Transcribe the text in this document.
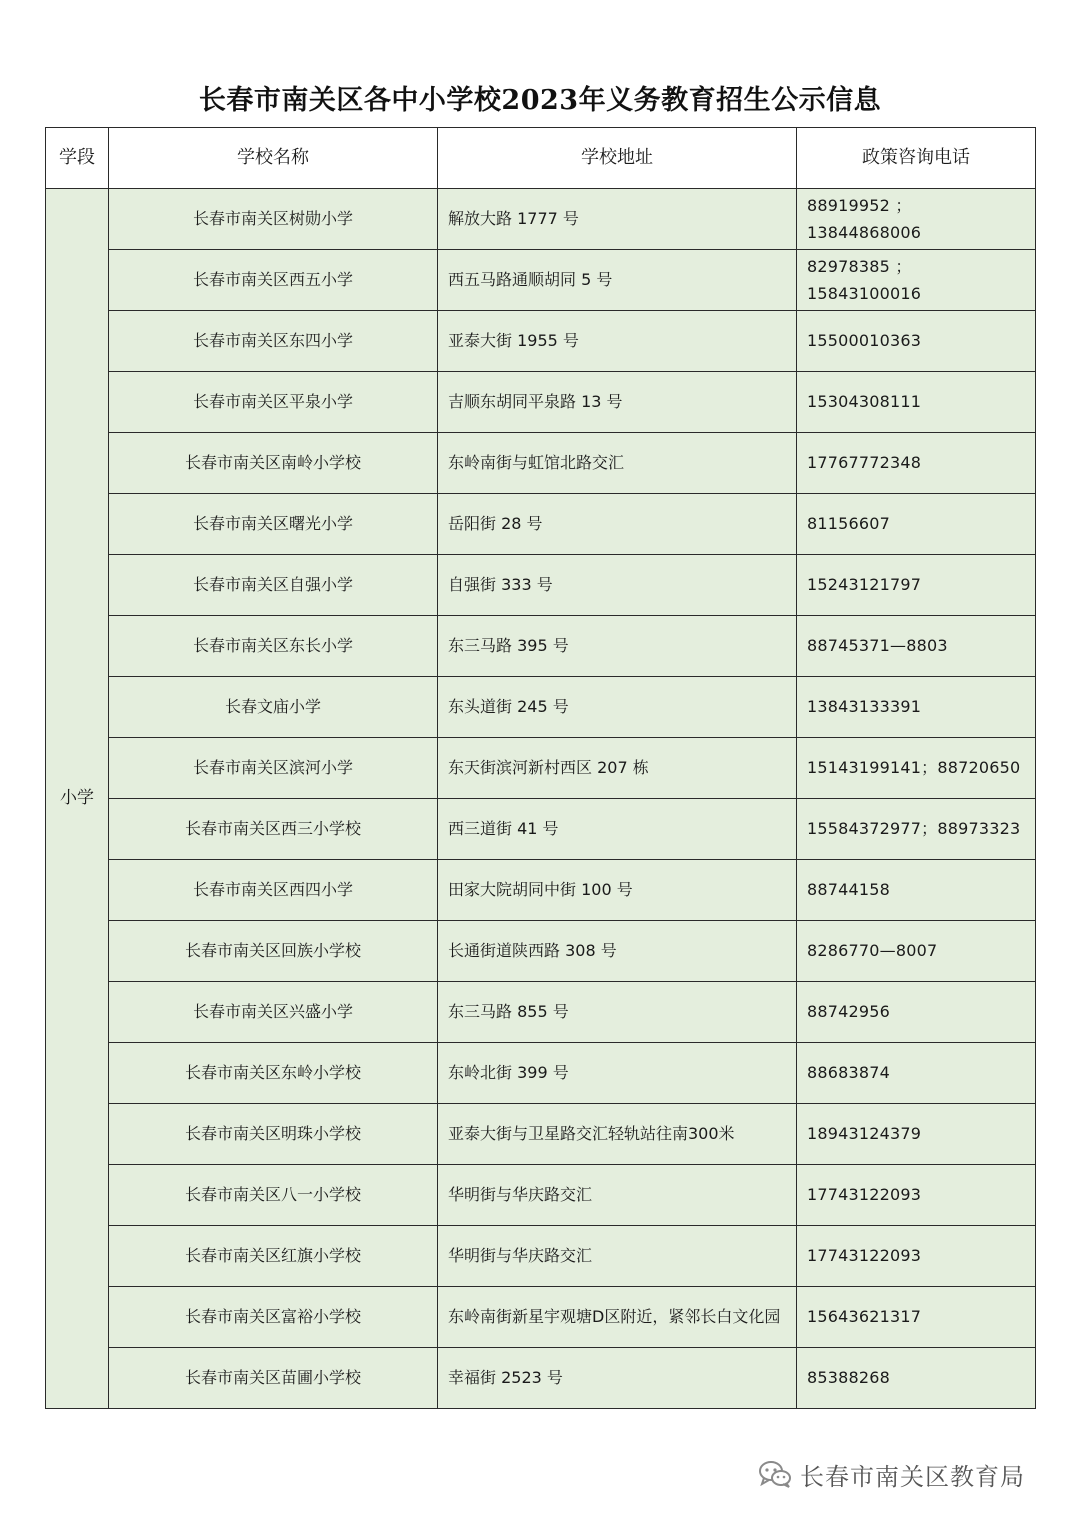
长春市南关区各中小学校2023年义务教育招生公示信息
学段	学校名称	学校地址	政策咨询电话
小学	长春市南关区树勋小学	解放大路 1777 号	88919952 ； 13844868006
	长春市南关区西五小学	西五马路通顺胡同 5 号	82978385 ； 15843100016
	长春市南关区东四小学	亚泰大街 1955 号	15500010363
	长春市南关区平泉小学	吉顺东胡同平泉路 13 号	15304308111
	长春市南关区南岭小学校	东岭南街与虹馆北路交汇	17767772348
	长春市南关区曙光小学	岳阳街 28 号	81156607
	长春市南关区自强小学	自强街 333 号	15243121797
	长春市南关区东长小学	东三马路 395 号	88745371—8803
	长春文庙小学	东头道街 245 号	13843133391
	长春市南关区滨河小学	东天街滨河新村西区 207 栋	15143199141；88720650
	长春市南关区西三小学校	西三道街 41 号	15584372977；88973323
	长春市南关区西四小学	田家大院胡同中街 100 号	88744158
	长春市南关区回族小学校	长通街道陕西路 308 号	8286770—8007
	长春市南关区兴盛小学	东三马路 855 号	88742956
	长春市南关区东岭小学校	东岭北街 399 号	88683874
	长春市南关区明珠小学校	亚泰大街与卫星路交汇轻轨站往南300米	18943124379
	长春市南关区八一小学校	华明街与华庆路交汇	17743122093
	长春市南关区红旗小学校	华明街与华庆路交汇	17743122093
	长春市南关区富裕小学校	东岭南街新星宇观塘D区附近，紧邻长白文化园	15643621317
	长春市南关区苗圃小学校	幸福街 2523 号	85388268
长春市南关区教育局
